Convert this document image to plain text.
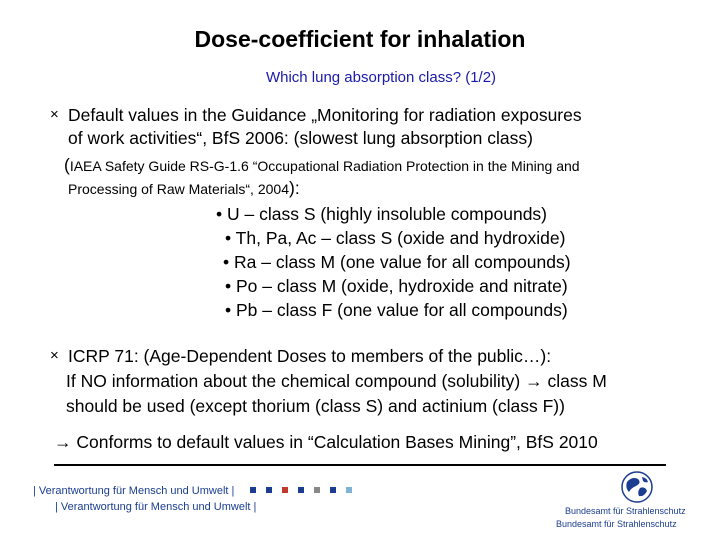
Dose-coefficient for inhalation
Which lung absorption class? (1/2)
× Default values in the Guidance „Monitoring for radiation exposures
of work activities“, BfS 2006: (slowest lung absorption class)
(IAEA Safety Guide RS-G-1.6 “Occupational Radiation Protection in the Mining and
Processing of Raw Materials“, 2004):
• U – class S (highly insoluble compounds)
• Th, Pa, Ac – class S (oxide and hydroxide)
• Ra – class M (one value for all compounds)
• Po – class M (oxide, hydroxide and nitrate)
• Pb – class F (one value for all compounds)
× ICRP 71: (Age-Dependent Doses to members of the public…):
If NO information about the chemical compound (solubility) → class M
should be used (except thorium (class S) and actinium (class F))
→ Conforms to default values in “Calculation Bases Mining”, BfS 2010
| Verantwortung für Mensch und Umwelt |
| Verantwortung für Mensch und Umwelt |	Bundesamt für Strahlenschutz
Bundesamt für Strahlenschutz
